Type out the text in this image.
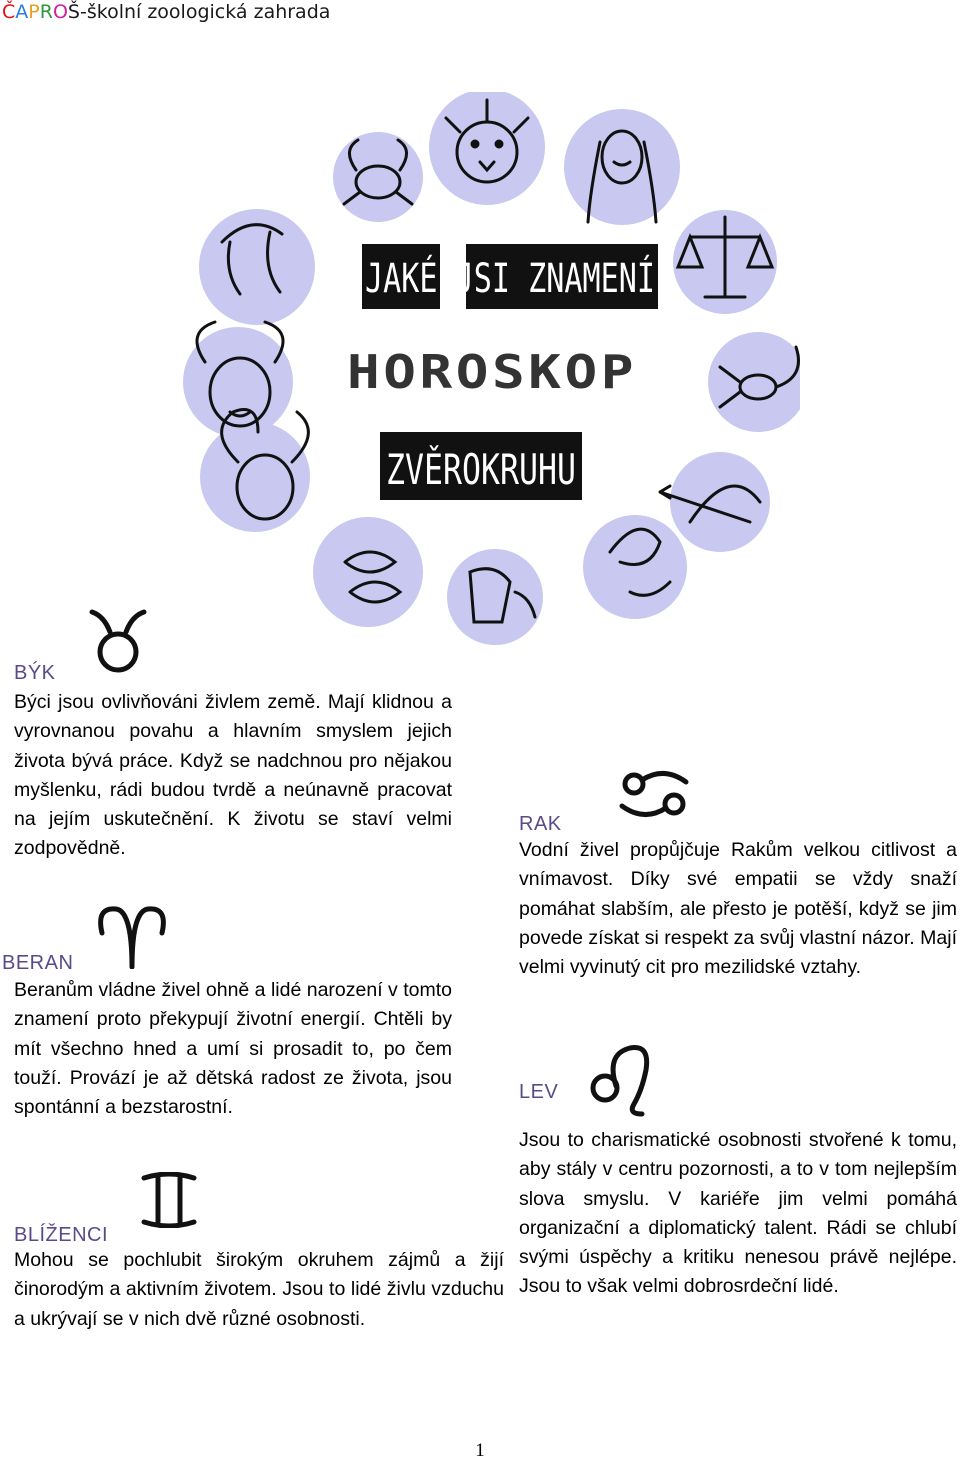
ČAPROŠ-školní zoologická zahrada
JAKÉ JSI ZNAMENÍ
HOROSKOP
ZVĚROKRUHU
BÝK
Býci jsou ovlivňováni živlem země. Mají klidnou a vyrovnanou povahu a hlavním smyslem jejich života bývá práce. Když se nadchnou pro nějakou myšlenku, rádi budou tvrdě a neúnavně pracovat na jejím uskutečnění. K životu se staví velmi zodpovědně.
BERAN
Beranům vládne živel ohně a lidé narození v tomto znamení proto překypují životní energií. Chtěli by mít všechno hned a umí si prosadit to, po čem touží. Provází je až dětská radost ze života, jsou spontánní a bezstarostní.
BLÍŽENCI
Mohou se pochlubit širokým okruhem zájmů a žijí činorodým a aktivním životem. Jsou to lidé živlu vzduchu a ukrývají se v nich dvě různé osobnosti.
RAK
Vodní živel propůjčuje Rakům velkou citlivost a vnímavost. Díky své empatii se vždy snaží pomáhat slabším, ale přesto je potěší, když se jim povede získat si respekt za svůj vlastní názor. Mají velmi vyvinutý cit pro mezilidské vztahy.
LEV
Jsou to charismatické osobnosti stvořené k tomu, aby stály v centru pozornosti, a to v tom nejlepším slova smyslu. V kariéře jim velmi pomáhá organizační a diplomatický talent. Rádi se chlubí svými úspěchy a kritiku nenesou právě nejlépe. Jsou to však velmi dobrosrdeční lidé.
1
